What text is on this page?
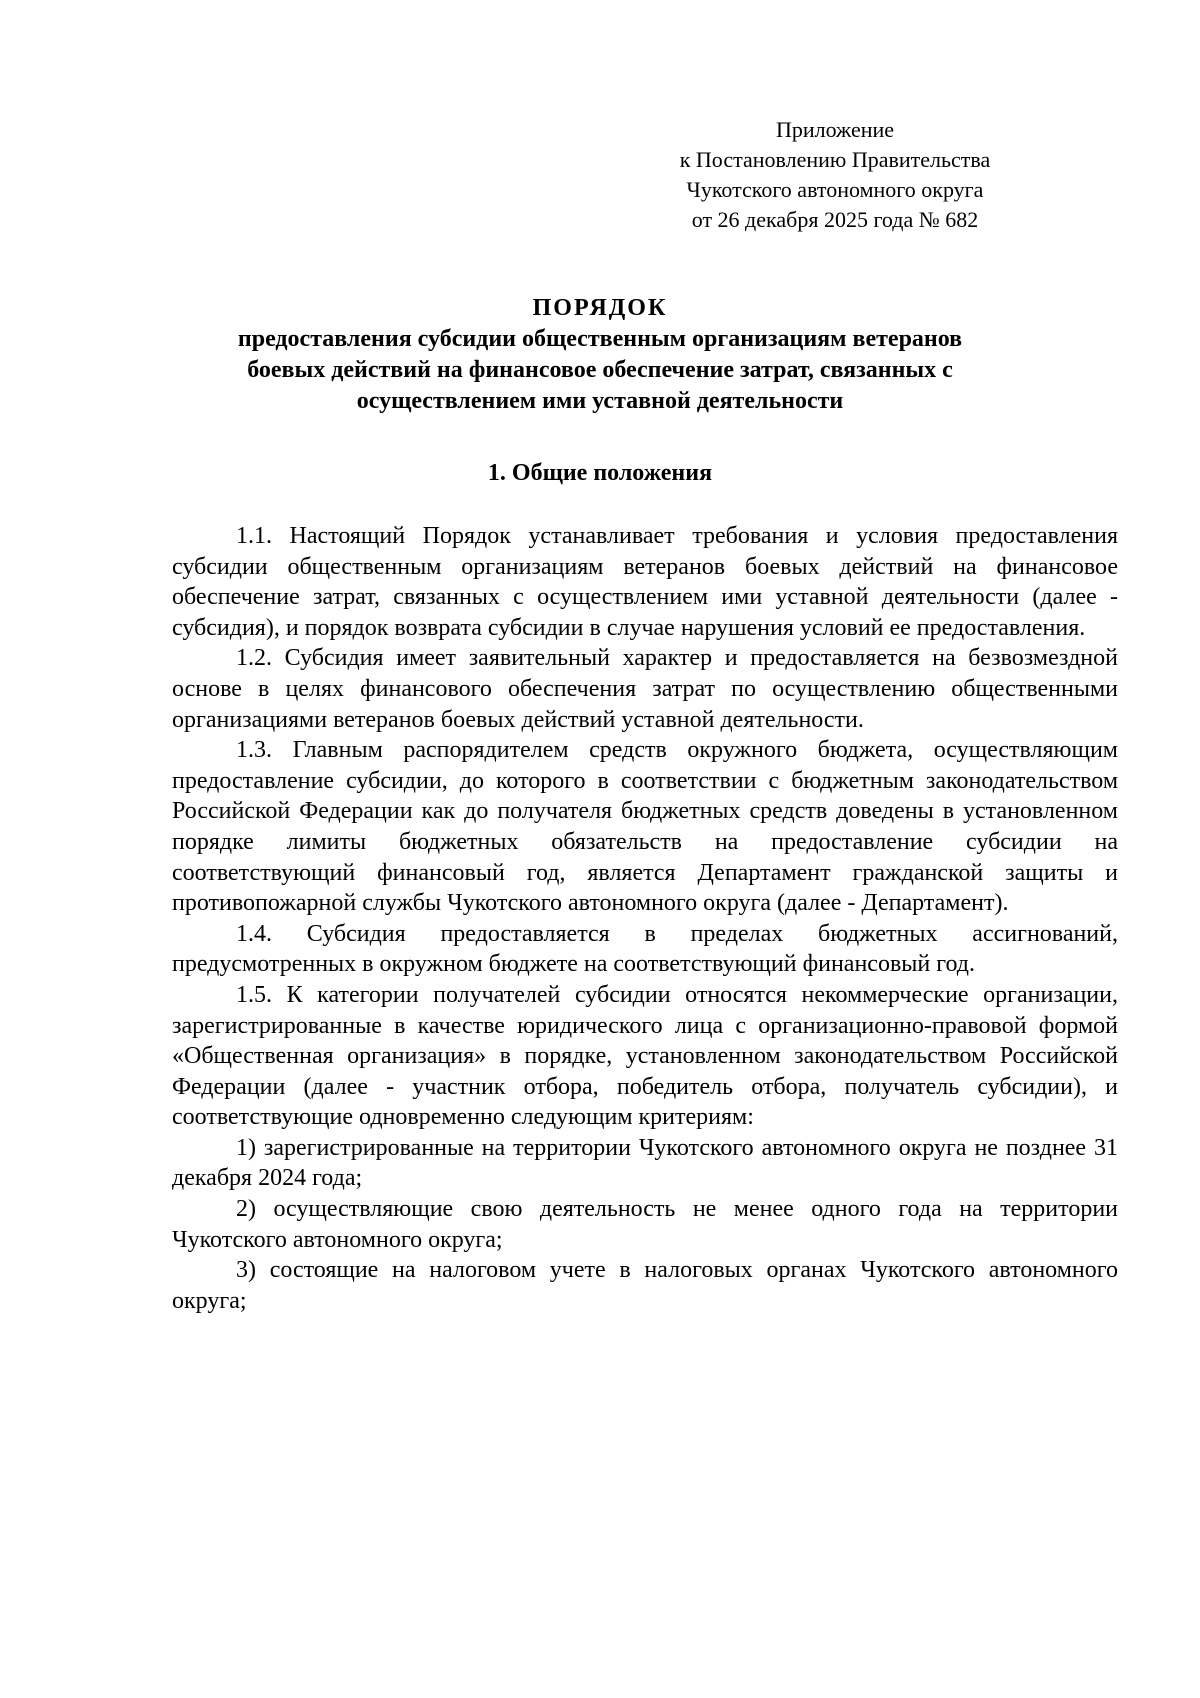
Приложение
к Постановлению Правительства
Чукотского автономного округа
от 26 декабря 2025 года № 682
ПОРЯДОК
предоставления субсидии общественным организациям ветеранов
боевых действий на финансовое обеспечение затрат, связанных с
осуществлением ими уставной деятельности
1. Общие положения

1.1. Настоящий Порядок устанавливает требования и условия предоставления субсидии общественным организациям ветеранов боевых действий на финансовое обеспечение затрат, связанных с осуществлением ими уставной деятельности (далее - субсидия), и порядок возврата субсидии в случае нарушения условий ее предоставления.

1.2. Субсидия имеет заявительный характер и предоставляется на безвозмездной основе в целях финансового обеспечения затрат по осуществлению общественными организациями ветеранов боевых действий уставной деятельности.

1.3. Главным распорядителем средств окружного бюджета, осуществляющим предоставление субсидии, до которого в соответствии с бюджетным законодательством Российской Федерации как до получателя бюджетных средств доведены в установленном порядке лимиты бюджетных обязательств на предоставление субсидии на соответствующий финансовый год, является Департамент гражданской защиты и противопожарной службы Чукотского автономного округа (далее - Департамент).

1.4. Субсидия предоставляется в пределах бюджетных ассигнований, предусмотренных в окружном бюджете на соответствующий финансовый год.

1.5. К категории получателей субсидии относятся некоммерческие организации, зарегистрированные в качестве юридического лица с организационно-правовой формой «Общественная организация» в порядке, установленном законодательством Российской Федерации (далее - участник отбора, победитель отбора, получатель субсидии), и соответствующие одновременно следующим критериям:

1) зарегистрированные на территории Чукотского автономного округа не позднее 31 декабря 2024 года;

2) осуществляющие свою деятельность не менее одного года на территории Чукотского автономного округа;

3) состоящие на налоговом учете в налоговых органах Чукотского автономного округа;
